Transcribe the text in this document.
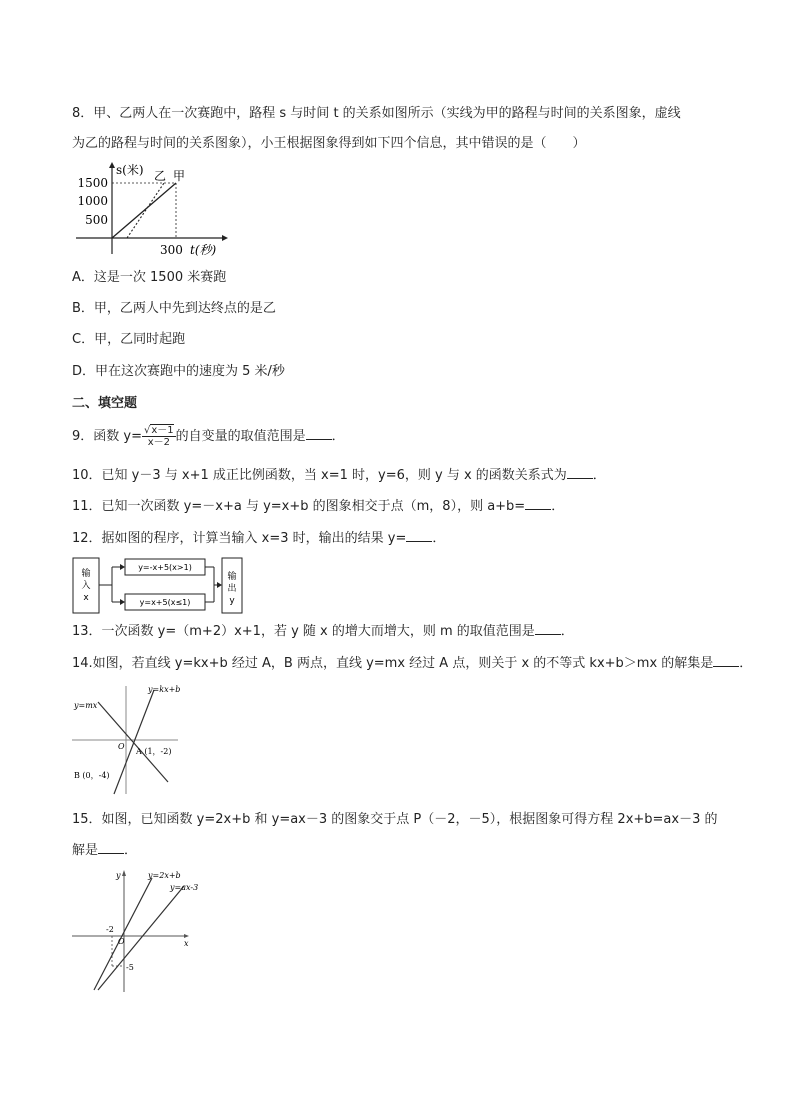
8．甲、乙两人在一次赛跑中，路程 s 与时间 t 的关系如图所示（实线为甲的路程与时间的关系图象，虚线
为乙的路程与时间的关系图象），小王根据图象得到如下四个信息，其中错误的是（　　）
s(米)
300 t(秒)
1500
1000
500
乙 甲
A．这是一次 1500 米赛跑
B．甲，乙两人中先到达终点的是乙
C．甲，乙同时起跑
D．甲在这次赛跑中的速度为 5 米/秒
二、填空题
9．函数 $y= \frac{√x-1}{x-2}$ 的自变量的取值范围是 ．
10．已知 y－3 与 x+1 成正比例函数，当 x=1 时，y=6，则 y 与 x 的函数关系式为 ．
11．已知一次函数 y=－x+a 与 y=x+b 的图象相交于点（m，8），则 a+b= ．
12．据如图的程序，计算当输入 x=3 时，输出的结果 y= ．
输
入
x
y=-x+5(x>1)
y=x+5(x≤1)
输
出
y
13．一次函数 y=（m+2）x+1，若 y 随 x 的增大而增大，则 m 的取值范围是 ．
14.如图，若直线 y=kx+b 经过 A，B 两点，直线 y=mx 经过 A 点，则关于 x 的不等式 kx+b＞mx 的解集是 ．
y=kx+b
y=mx
O
A (1，-2)
B (0，-4)
15．如图，已知函数 y=2x+b 和 y=ax－3 的图象交于点 P（－2，－5），根据图象可得方程 2x+b=ax－3 的
解是 ．
y=2x+b
y=ax-3
y
x
O
-2
-5
